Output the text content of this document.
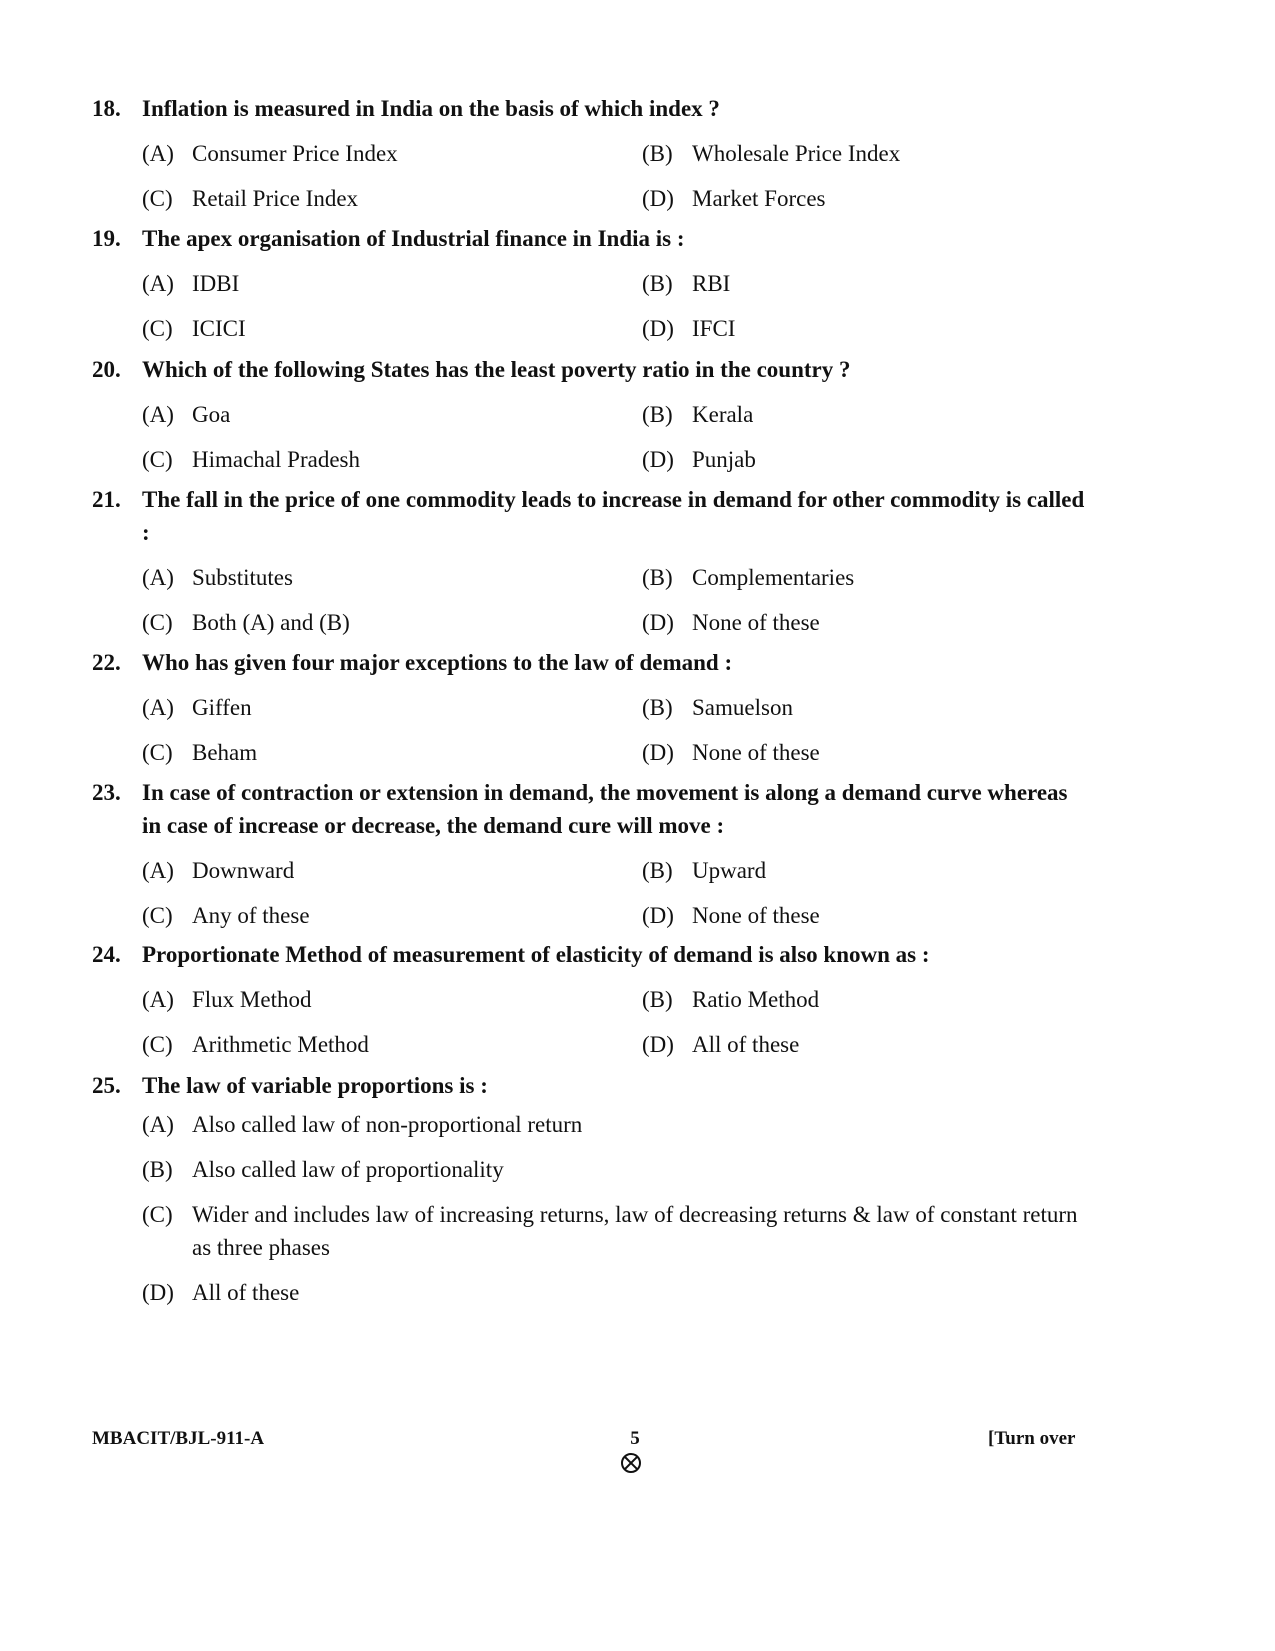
18. Inflation is measured in India on the basis of which index ?
(A) Consumer Price Index	(B) Wholesale Price Index
(C) Retail Price Index	(D) Market Forces
19. The apex organisation of Industrial finance in India is :
(A) IDBI	(B) RBI
(C) ICICI	(D) IFCI
20. Which of the following States has the least poverty ratio in the country ?
(A) Goa	(B) Kerala
(C) Himachal Pradesh	(D) Punjab
21. The fall in the price of one commodity leads to increase in demand for other commodity is called :
(A) Substitutes	(B) Complementaries
(C) Both (A) and (B)	(D) None of these
22. Who has given four major exceptions to the law of demand :
(A) Giffen	(B) Samuelson
(C) Beham	(D) None of these
23. In case of contraction or extension in demand, the movement is along a demand curve whereas in case of increase or decrease, the demand cure will move :
(A) Downward	(B) Upward
(C) Any of these	(D) None of these
24. Proportionate Method of measurement of elasticity of demand is also known as :
(A) Flux Method	(B) Ratio Method
(C) Arithmetic Method	(D) All of these
25. The law of variable proportions is :
(A) Also called law of non-proportional return
(B) Also called law of proportionality
(C) Wider and includes law of increasing returns, law of decreasing returns & law of constant return as three phases
(D) All of these
MBACIT/BJL-911-A	5	[Turn over
